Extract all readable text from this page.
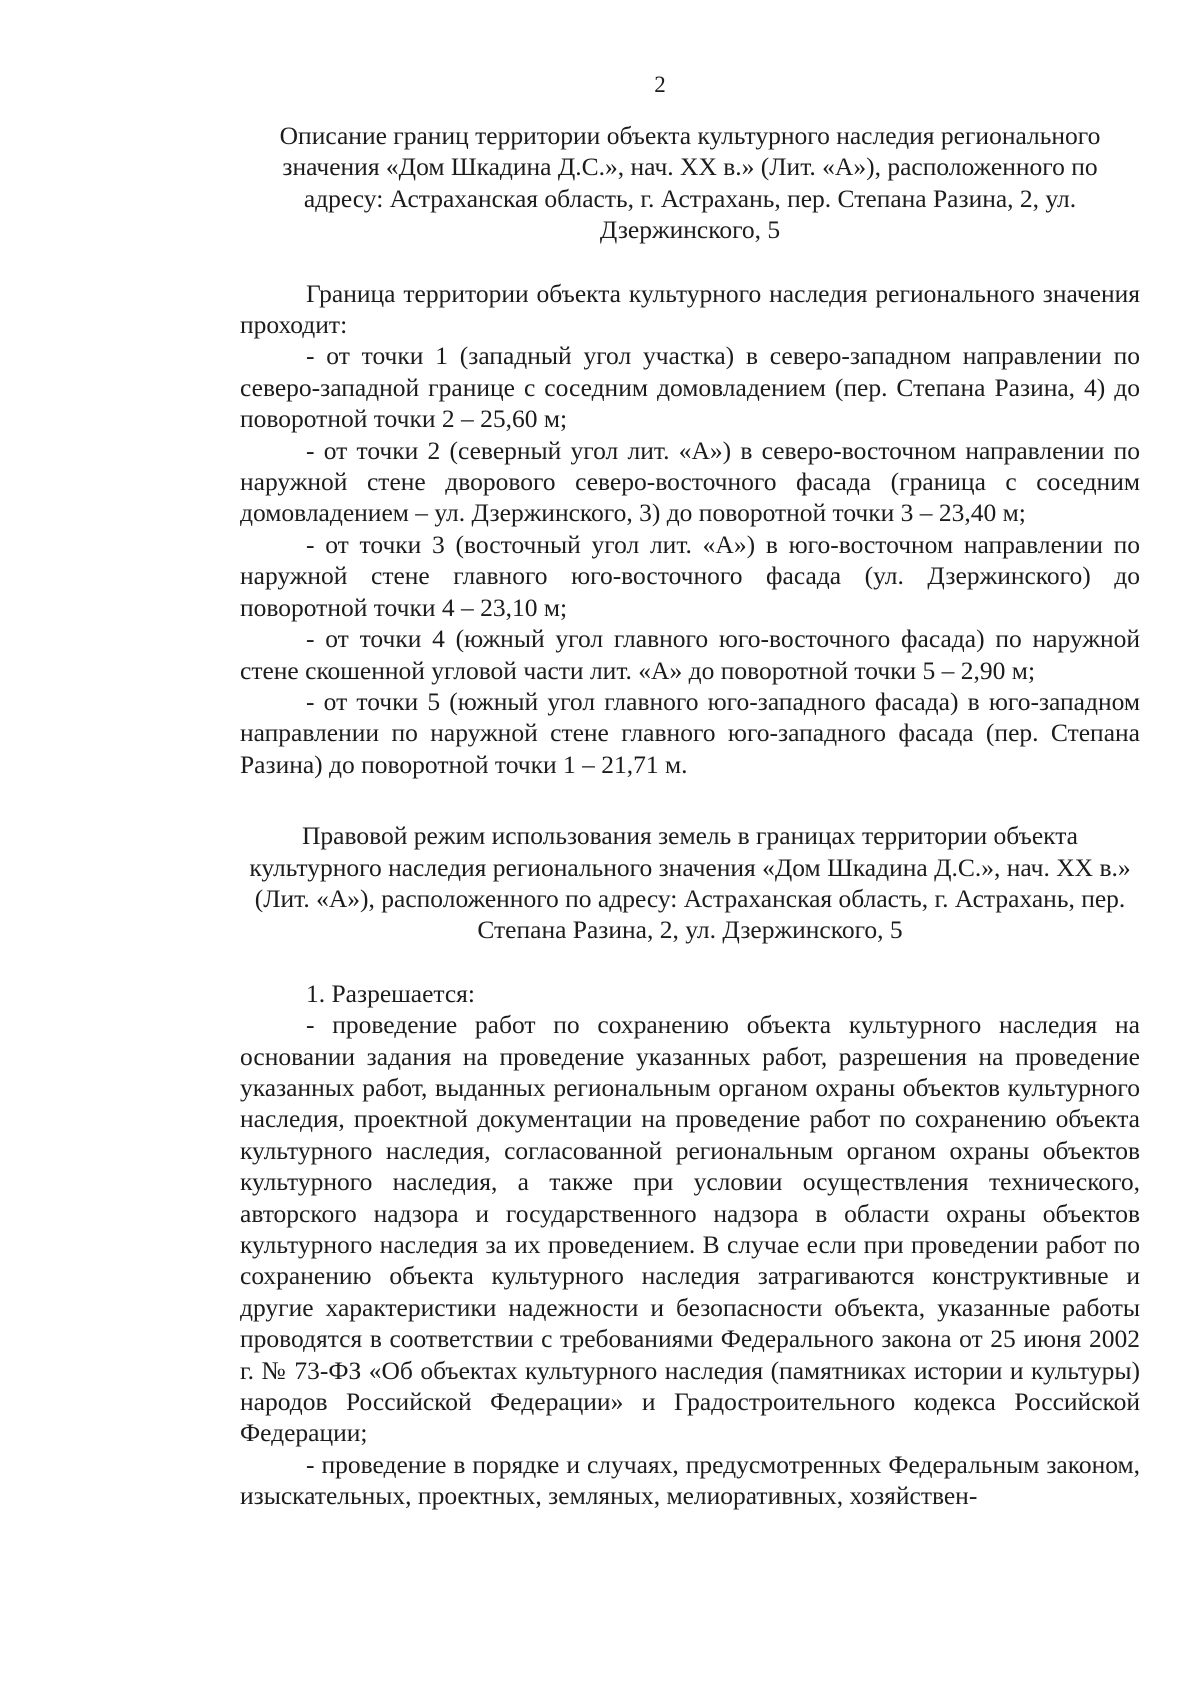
2

Описание границ территории объекта культурного наследия регионального значения «Дом Шкадина Д.С.», нач. XX в.» (Лит. «А»), расположенного по адресу: Астраханская область, г. Астрахань, пер. Степана Разина, 2, ул. Дзержинского, 5

Граница территории объекта культурного наследия регионального значения проходит:

- от точки 1 (западный угол участка) в северо-западном направлении по северо-западной границе с соседним домовладением (пер. Степана Разина, 4) до поворотной точки 2 – 25,60 м;

- от точки 2 (северный угол лит. «А») в северо-восточном направлении по наружной стене дворового северо-восточного фасада (граница с соседним домовладением – ул. Дзержинского, 3) до поворотной точки 3 – 23,40 м;

- от точки 3 (восточный угол лит. «А») в юго-восточном направлении по наружной стене главного юго-восточного фасада (ул. Дзержинского) до поворотной точки 4 – 23,10 м;

- от точки 4 (южный угол главного юго-восточного фасада) по наружной стене скошенной угловой части лит. «А» до поворотной точки 5 – 2,90 м;

- от точки 5 (южный угол главного юго-западного фасада) в юго-западном направлении по наружной стене главного юго-западного фасада (пер. Степана Разина) до поворотной точки 1 – 21,71 м.

Правовой режим использования земель в границах территории объекта культурного наследия регионального значения «Дом Шкадина Д.С.», нач. XX в.» (Лит. «А»), расположенного по адресу: Астраханская область, г. Астрахань, пер. Степана Разина, 2, ул. Дзержинского, 5

1. Разрешается:

- проведение работ по сохранению объекта культурного наследия на основании задания на проведение указанных работ, разрешения на проведение указанных работ, выданных региональным органом охраны объектов культурного наследия, проектной документации на проведение работ по сохранению объекта культурного наследия, согласованной региональным органом охраны объектов культурного наследия, а также при условии осуществления технического, авторского надзора и государственного надзора в области охраны объектов культурного наследия за их проведением. В случае если при проведении работ по сохранению объекта культурного наследия затрагиваются конструктивные и другие характеристики надежности и безопасности объекта, указанные работы проводятся в соответствии с требованиями Федерального закона от 25 июня 2002 г. № 73-ФЗ «Об объектах культурного наследия (памятниках истории и культуры) народов Российской Федерации» и Градостроительного кодекса Российской Федерации;

- проведение в порядке и случаях, предусмотренных Федеральным законом, изыскательных, проектных, земляных, мелиоративных, хозяйствен-
